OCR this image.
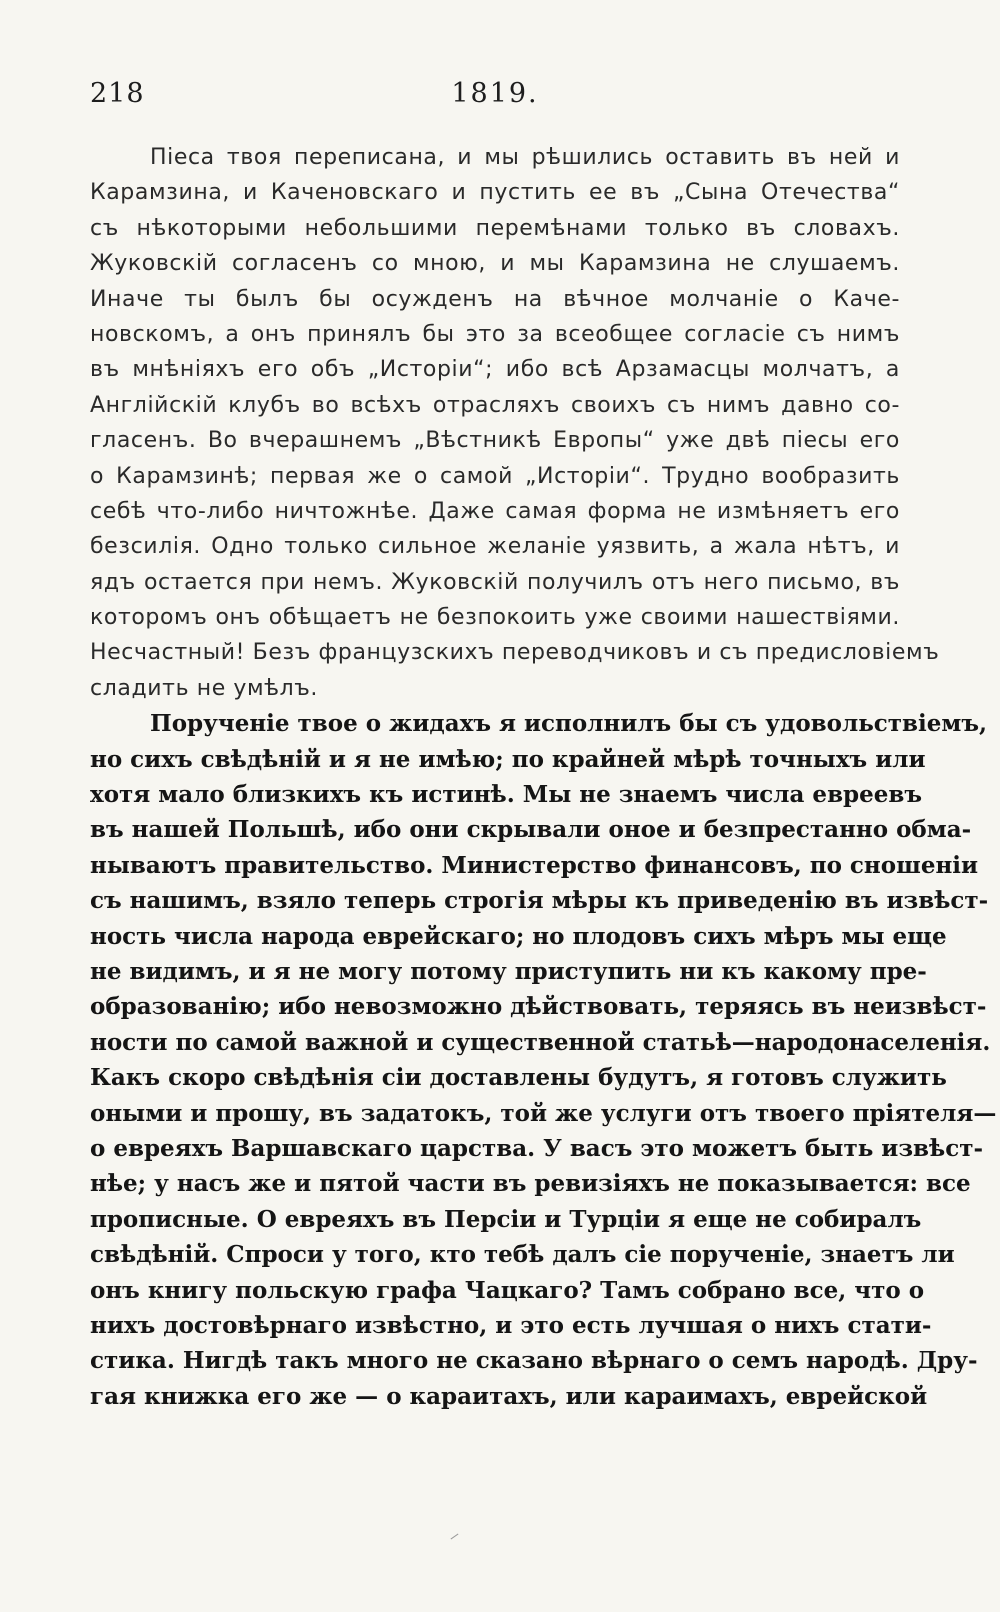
218	1819.
Піеса твоя переписана, и мы рѣшились оставить въ ней и
Карамзина, и Каченовскаго и пустить ее въ „Сына Отечества“
съ нѣкоторыми небольшими перемѣнами только въ словахъ.
Жуковскій согласенъ со мною, и мы Карамзина не слушаемъ.
Иначе ты былъ бы осужденъ на вѣчное молчаніе о Каче-
новскомъ, а онъ принялъ бы это за всеобщее согласіе съ нимъ
въ мнѣніяхъ его объ „Исторіи“; ибо всѣ Арзамасцы молчатъ, а
Англійскій клубъ во всѣхъ отрасляхъ своихъ съ нимъ давно со-
гласенъ. Во вчерашнемъ „Вѣстникѣ Европы“ уже двѣ піесы его
о Карамзинѣ; первая же о самой „Исторіи“. Трудно вообразить
себѣ что-либо ничтожнѣе. Даже самая форма не измѣняетъ его
безсилія. Одно только сильное желаніе уязвить, а жала нѣтъ, и
ядъ остается при немъ. Жуковскій получилъ отъ него письмо, въ
которомъ онъ обѣщаетъ не безпокоить уже своими нашествіями.
Несчастный! Безъ французскихъ переводчиковъ и съ предисловіемъ
сладить не умѣлъ.
Порученіе твое о жидахъ я исполнилъ бы съ удовольствіемъ,
но сихъ свѣдѣній и я не имѣю; по крайней мѣрѣ точныхъ или
хотя мало близкихъ къ истинѣ. Мы не знаемъ числа евреевъ
въ нашей Польшѣ, ибо они скрывали оное и безпрестанно обма-
нываютъ правительство. Министерство финансовъ, по сношеніи
съ нашимъ, взяло теперь строгія мѣры къ приведенію въ извѣст-
ность числа народа еврейскаго; но плодовъ сихъ мѣръ мы еще
не видимъ, и я не могу потому приступить ни къ какому пре-
образованію; ибо невозможно дѣйствовать, теряясь въ неизвѣст-
ности по самой важной и существенной статьѣ—народонаселенія.
Какъ скоро свѣдѣнія сіи доставлены будутъ, я готовъ служить
оными и прошу, въ задатокъ, той же услуги отъ твоего пріятеля—
о евреяхъ Варшавскаго царства. У васъ это можетъ быть извѣст-
нѣе; у насъ же и пятой части въ ревизіяхъ не показывается: все
прописные. О евреяхъ въ Персіи и Турціи я еще не собиралъ
свѣдѣній. Спроси у того, кто тебѣ далъ сіе порученіе, знаетъ ли
онъ книгу польскую графа Чацкаго? Тамъ собрано все, что о
нихъ достовѣрнаго извѣстно, и это есть лучшая о нихъ стати-
стика. Нигдѣ такъ много не сказано вѣрнаго о семъ народѣ. Дру-
гая книжка его же — о караитахъ, или караимахъ, еврейской
